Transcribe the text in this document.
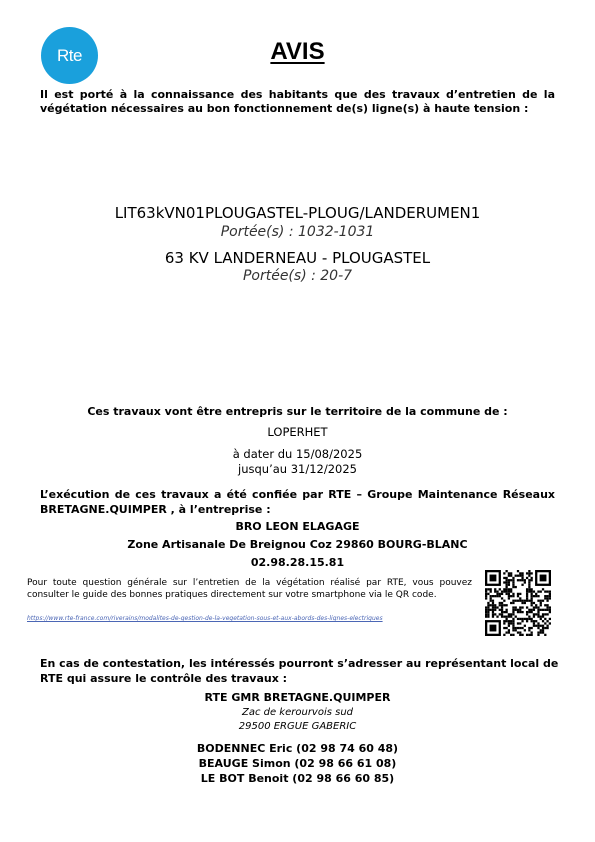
Rte	AVIS
Il est porté à la connaissance des habitants que des travaux d’entretien de la végétation nécessaires au bon fonctionnement de(s) ligne(s) à haute tension :
LIT63kVN01PLOUGASTEL-PLOUG/LANDERUMEN1
Portée(s) : 1032-1031
63 KV LANDERNEAU - PLOUGASTEL
Portée(s) : 20-7
Ces travaux vont être entrepris sur le territoire de la commune de :
LOPERHET
à dater du 15/08/2025
jusqu’au 31/12/2025
L’exécution de ces travaux a été confiée par RTE – Groupe Maintenance Réseaux BRETAGNE.QUIMPER , à l’entreprise :
BRO LEON ELAGAGE
Zone Artisanale De Breignou Coz 29860 BOURG-BLANC
02.98.28.15.81
Pour toute question générale sur l’entretien de la végétation réalisé par RTE, vous pouvez consulter le guide des bonnes pratiques directement sur votre smartphone via le QR code.
https://www.rte-france.com/riverains/modalites-de-gestion-de-la-vegetation-sous-et-aux-abords-des-lignes-electriques
En cas de contestation, les intéressés pourront s’adresser au représentant local de RTE qui assure le contrôle des travaux :
RTE GMR BRETAGNE.QUIMPER
Zac de kerourvois sud
29500 ERGUE GABERIC
BODENNEC Eric (02 98 74 60 48)
BEAUGE Simon (02 98 66 61 08)
LE BOT Benoit (02 98 66 60 85)
